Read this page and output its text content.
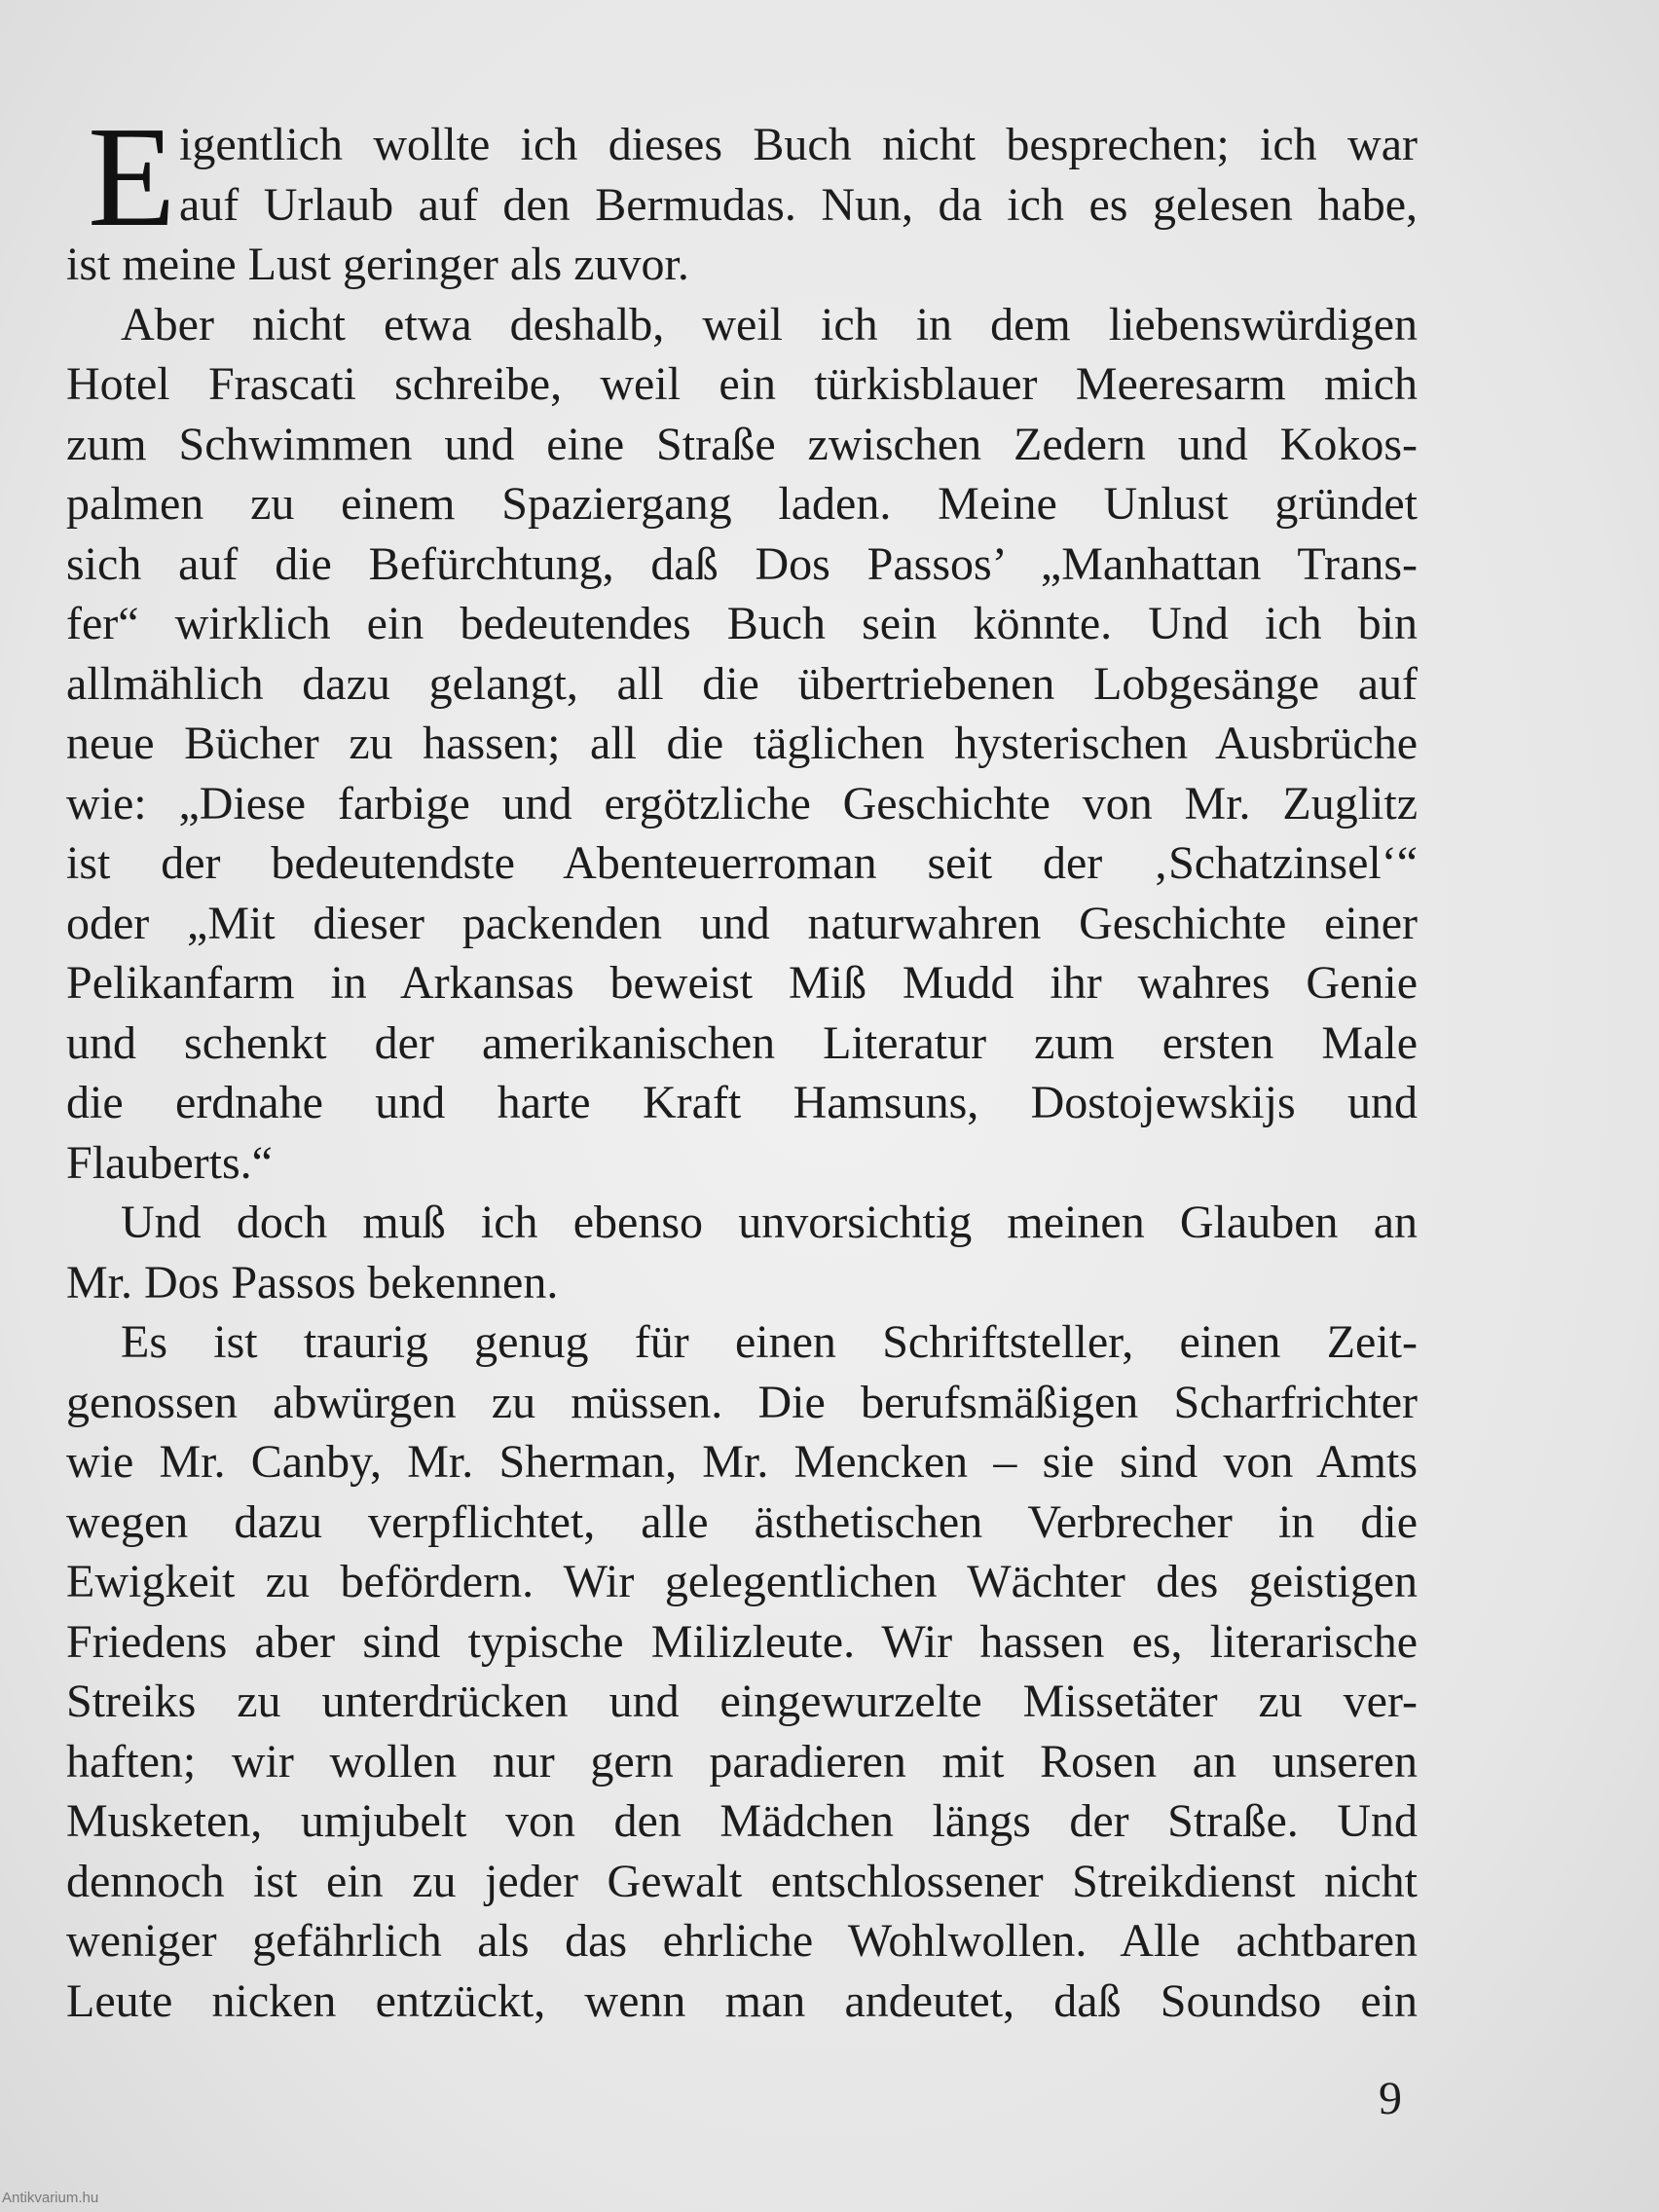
E igentlich wollte ich dieses Buch nicht besprechen; ich war
auf Urlaub auf den Bermudas. Nun, da ich es gelesen habe,
ist meine Lust geringer als zuvor.
Aber nicht etwa deshalb, weil ich in dem liebenswürdigen
Hotel Frascati schreibe, weil ein türkisblauer Meeresarm mich
zum Schwimmen und eine Straße zwischen Zedern und Kokos-
palmen zu einem Spaziergang laden. Meine Unlust gründet
sich auf die Befürchtung, daß Dos Passos’ „Manhattan Trans-
fer“ wirklich ein bedeutendes Buch sein könnte. Und ich bin
allmählich dazu gelangt, all die übertriebenen Lobgesänge auf
neue Bücher zu hassen; all die täglichen hysterischen Ausbrüche
wie: „Diese farbige und ergötzliche Geschichte von Mr. Zuglitz
ist der bedeutendste Abenteuerroman seit der ‚Schatzinsel‘“
oder „Mit dieser packenden und naturwahren Geschichte einer
Pelikanfarm in Arkansas beweist Miß Mudd ihr wahres Genie
und schenkt der amerikanischen Literatur zum ersten Male
die erdnahe und harte Kraft Hamsuns, Dostojewskijs und
Flauberts.“
Und doch muß ich ebenso unvorsichtig meinen Glauben an
Mr. Dos Passos bekennen.
Es ist traurig genug für einen Schriftsteller, einen Zeit-
genossen abwürgen zu müssen. Die berufsmäßigen Scharfrichter
wie Mr. Canby, Mr. Sherman, Mr. Mencken – sie sind von Amts
wegen dazu verpflichtet, alle ästhetischen Verbrecher in die
Ewigkeit zu befördern. Wir gelegentlichen Wächter des geistigen
Friedens aber sind typische Milizleute. Wir hassen es, literarische
Streiks zu unterdrücken und eingewurzelte Missetäter zu ver-
haften; wir wollen nur gern paradieren mit Rosen an unseren
Musketen, umjubelt von den Mädchen längs der Straße. Und
dennoch ist ein zu jeder Gewalt entschlossener Streikdienst nicht
weniger gefährlich als das ehrliche Wohlwollen. Alle achtbaren
Leute nicken entzückt, wenn man andeutet, daß Soundso ein
9
Antikvarium.hu
